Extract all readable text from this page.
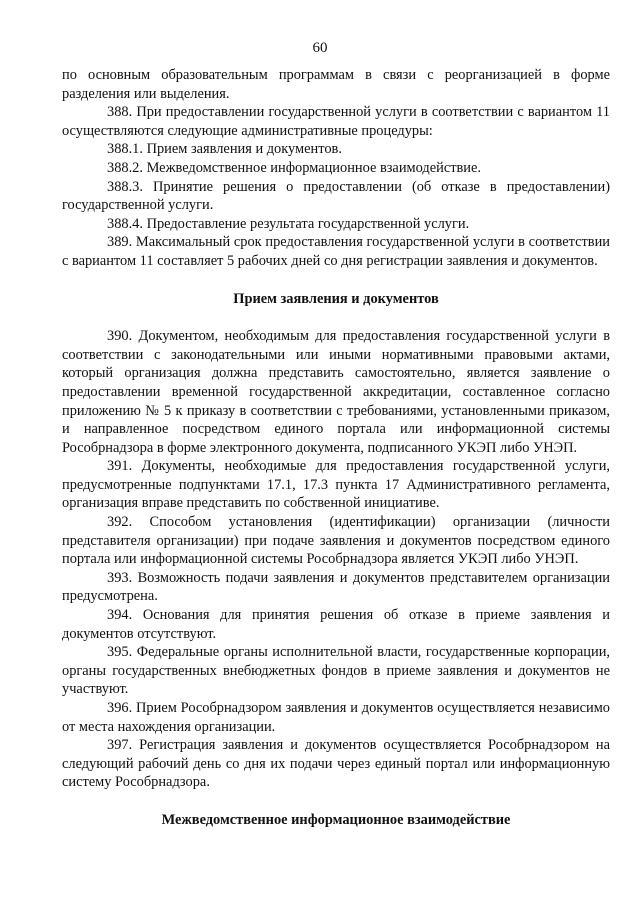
60

по основным образовательным программам в связи с реорганизацией в форме разделения или выделения.

388. При предоставлении государственной услуги в соответствии с вариантом 11 осуществляются следующие административные процедуры:

388.1. Прием заявления и документов.

388.2. Межведомственное информационное взаимодействие.

388.3. Принятие решения о предоставлении (об отказе в предоставлении) государственной услуги.

388.4. Предоставление результата государственной услуги.

389. Максимальный срок предоставления государственной услуги в соответствии с вариантом 11 составляет 5 рабочих дней со дня регистрации заявления и документов.

Прием заявления и документов

390. Документом, необходимым для предоставления государственной услуги в соответствии с законодательными или иными нормативными правовыми актами, который организация должна представить самостоятельно, является заявление о предоставлении временной государственной аккредитации, составленное согласно приложению № 5 к приказу в соответствии с требованиями, установленными приказом, и направленное посредством единого портала или информационной системы Рособрнадзора в форме электронного документа, подписанного УКЭП либо УНЭП.

391. Документы, необходимые для предоставления государственной услуги, предусмотренные подпунктами 17.1, 17.3 пункта 17 Административного регламента, организация вправе представить по собственной инициативе.

392. Способом установления (идентификации) организации (личности представителя организации) при подаче заявления и документов посредством единого портала или информационной системы Рособрнадзора является УКЭП либо УНЭП.

393. Возможность подачи заявления и документов представителем организации предусмотрена.

394. Основания для принятия решения об отказе в приеме заявления и документов отсутствуют.

395. Федеральные органы исполнительной власти, государственные корпорации, органы государственных внебюджетных фондов в приеме заявления и документов не участвуют.

396. Прием Рособрнадзором заявления и документов осуществляется независимо от места нахождения организации.

397. Регистрация заявления и документов осуществляется Рособрнадзором на следующий рабочий день со дня их подачи через единый портал или информационную систему Рособрнадзора.

Межведомственное информационное взаимодействие
